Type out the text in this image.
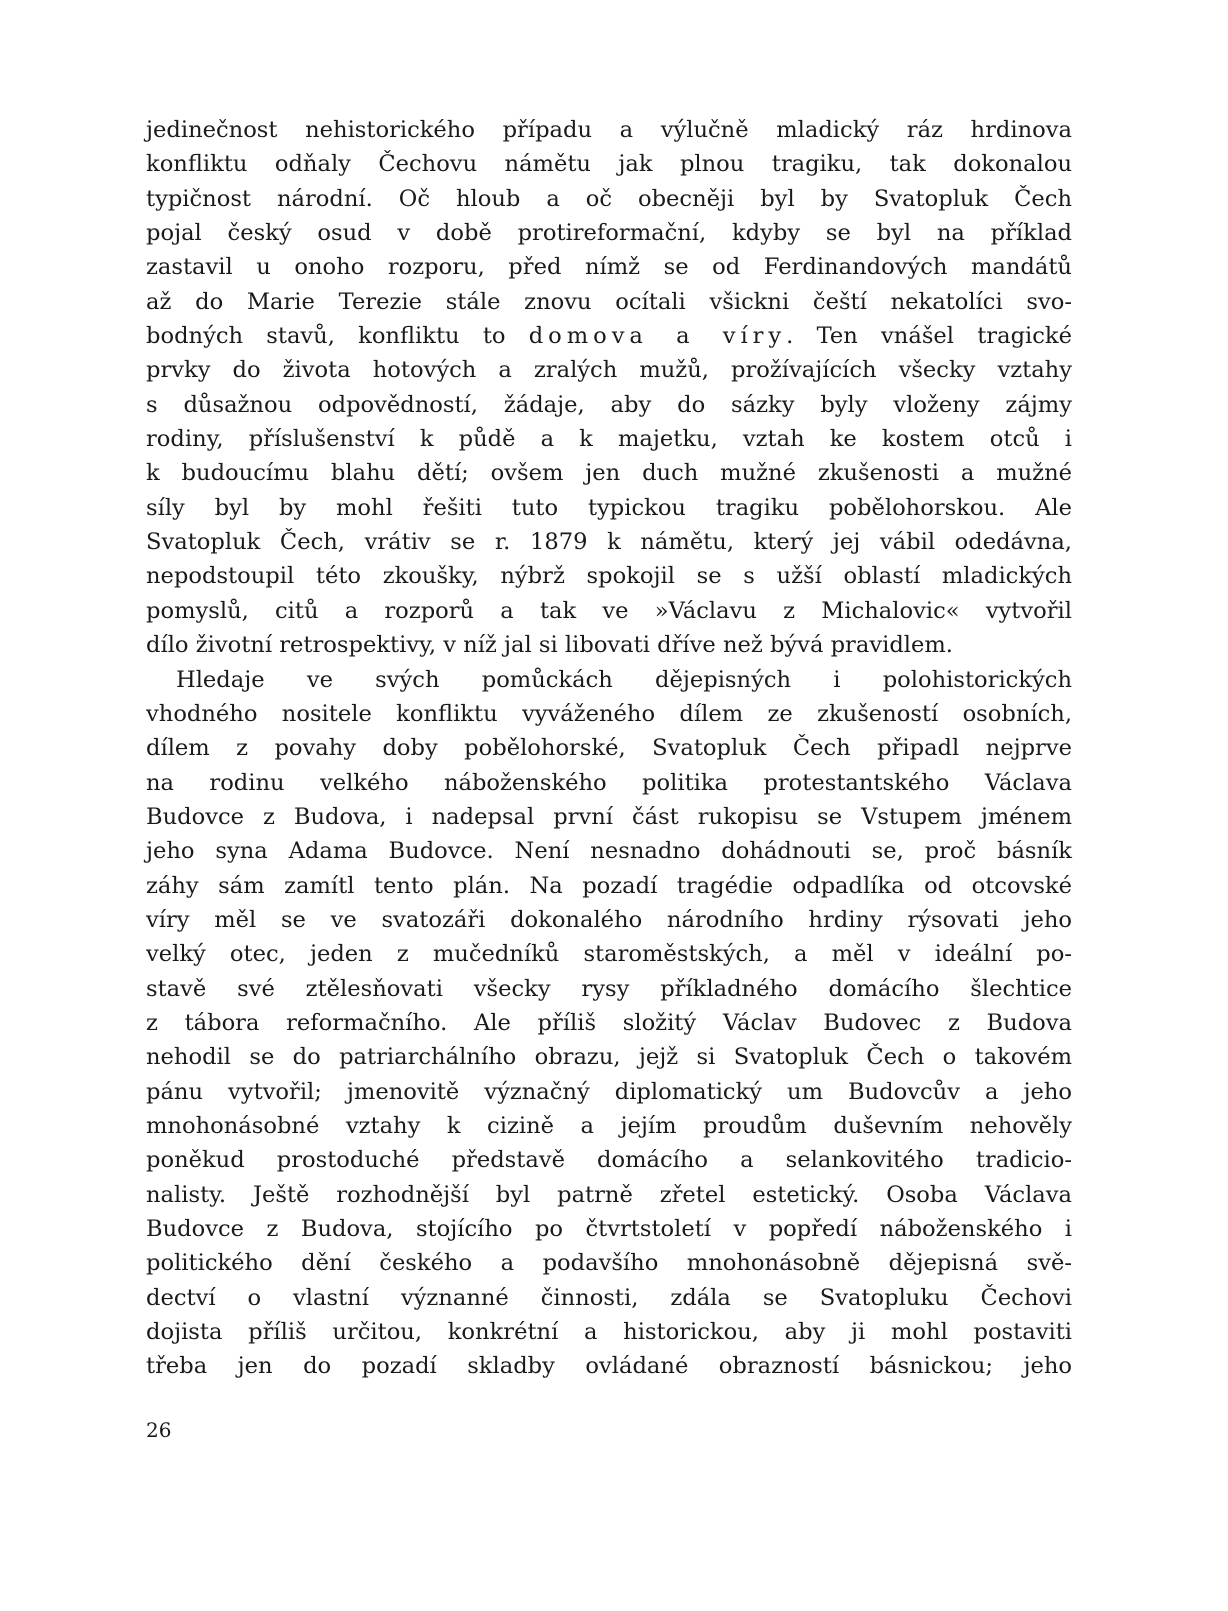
jedinečnost nehistorického případu a výlučně mladický ráz hrdinova
konfliktu odňaly Čechovu námětu jak plnou tragiku, tak dokonalou
typičnost národní. Oč hloub a oč obecněji byl by Svatopluk Čech
pojal český osud v době protireformační, kdyby se byl na příklad
zastavil u onoho rozporu, před nímž se od Ferdinandových mandátů
až do Marie Terezie stále znovu ocítali všickni čeští nekatolíci svo-
bodných stavů, konfliktu to domova a víry. Ten vnášel tragické
prvky do života hotových a zralých mužů, prožívajících všecky vztahy
s důsažnou odpovědností, žádaje, aby do sázky byly vloženy zájmy
rodiny, příslušenství k půdě a k majetku, vztah ke kostem otců i
k budoucímu blahu dětí; ovšem jen duch mužné zkušenosti a mužné
síly byl by mohl řešiti tuto typickou tragiku pobělohorskou. Ale
Svatopluk Čech, vrátiv se r. 1879 k námětu, který jej vábil odedávna,
nepodstoupil této zkoušky, nýbrž spokojil se s užší oblastí mladických
pomyslů, citů a rozporů a tak ve »Václavu z Michalovic« vytvořil
dílo životní retrospektivy, v níž jal si libovati dříve než bývá pravidlem.
Hledaje ve svých pomůckách dějepisných i polohistorických
vhodného nositele konfliktu vyváženého dílem ze zkušeností osobních,
dílem z povahy doby pobělohorské, Svatopluk Čech připadl nejprve
na rodinu velkého náboženského politika protestantského Václava
Budovce z Budova, i nadepsal první část rukopisu se Vstupem jménem
jeho syna Adama Budovce. Není nesnadno dohádnouti se, proč básník
záhy sám zamítl tento plán. Na pozadí tragédie odpadlíka od otcovské
víry měl se ve svatozáři dokonalého národního hrdiny rýsovati jeho
velký otec, jeden z mučedníků staroměstských, a měl v ideální po-
stavě své ztělesňovati všecky rysy příkladného domácího šlechtice
z tábora reformačního. Ale příliš složitý Václav Budovec z Budova
nehodil se do patriarchálního obrazu, jejž si Svatopluk Čech o takovém
pánu vytvořil; jmenovitě význačný diplomatický um Budovcův a jeho
mnohonásobné vztahy k cizině a jejím proudům duševním nehověly
poněkud prostoduché představě domácího a selankovitého tradicio-
nalisty. Ještě rozhodnější byl patrně zřetel estetický. Osoba Václava
Budovce z Budova, stojícího po čtvrtstoletí v popředí náboženského i
politického dění českého a podavšího mnohonásobně dějepisná svě-
dectví o vlastní význanné činnosti, zdála se Svatopluku Čechovi
dojista příliš určitou, konkrétní a historickou, aby ji mohl postaviti
třeba jen do pozadí skladby ovládané obrazností básnickou; jeho
26
